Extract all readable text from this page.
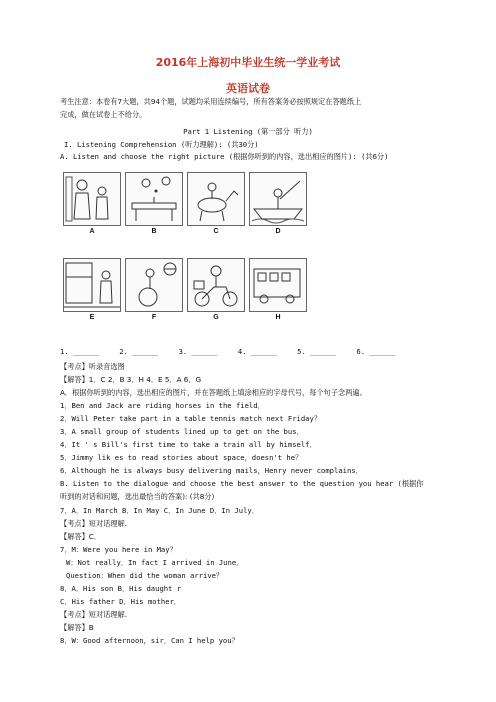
2016年上海初中毕业生统一学业考试
英语试卷
考生注意：本卷有7大题，共94个题，试题均采用连续编号，所有答案务必按照规定在答题纸上
完成，做在试卷上不给分。
Part 1 Listening (第一部分 听力)
I. Listening Comprehension (听力理解): (共30分)
A. Listen and choose the right picture (根据你听到的内容，选出相应的图片): (共6分)
A	B	C	D
E	F	G	H
1. ______	2. ______	3. ______	4. ______	5. ______	6. ______
【考点】听录音选图
【解答】1．C 2．B 3．H 4．E 5．A 6．G
A．根据你听到的内容，选出相应的图片，并在答题纸上填涂相应的字母代号，每个句子念两遍。
1．Ben and Jack are riding horses in the field．
2．Will Peter take part in a table tennis match next Friday？
3．A small group of students lined up to get on the bus．
4．It ' s Bill's first time to take a train all by himself．
5．Jimmy lik es to read stories about space，doesn't he？
6．Although he is always busy delivering mails，Henry never complains．
B. Listen to the dialogue and choose the best answer to the question you hear (根据你
听到的对话和问题，选出最恰当的答案): (共8分)
7．A．In March B．In May C．In June D．In July．
【考点】短对话理解.
【解答】C．
7．M：Were you here in May？
W：Not really．In fact I arrived in June．
Question：When did the woman arrive？
8．A．His son B．His daught r
C．His father D．His mother．
【考点】短对话理解.
【解答】B
8．W：Good afternoon，sir．Can I help you？
